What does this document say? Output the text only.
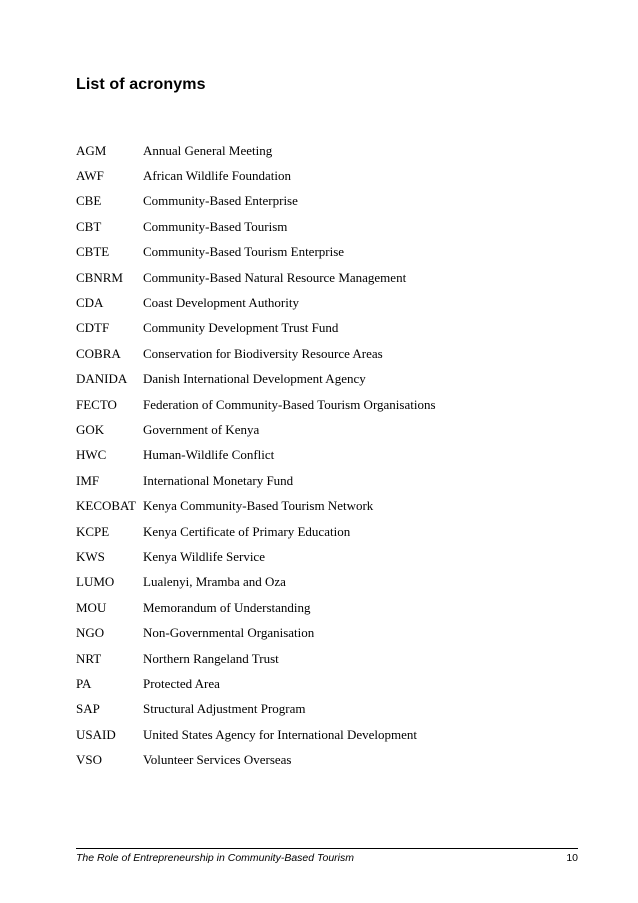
List of acronyms
AGM	Annual General Meeting
AWF	African Wildlife Foundation
CBE	Community-Based Enterprise
CBT	Community-Based Tourism
CBTE	Community-Based Tourism Enterprise
CBNRM	Community-Based Natural Resource Management
CDA	Coast Development Authority
CDTF	Community Development Trust Fund
COBRA	Conservation for Biodiversity Resource Areas
DANIDA	Danish International Development Agency
FECTO	Federation of Community-Based Tourism Organisations
GOK	Government of Kenya
HWC	Human-Wildlife Conflict
IMF	International Monetary Fund
KECOBAT Kenya Community-Based Tourism Network
KCPE	Kenya Certificate of Primary Education
KWS	Kenya Wildlife Service
LUMO	Lualenyi, Mramba and Oza
MOU	Memorandum of Understanding
NGO	Non-Governmental Organisation
NRT	Northern Rangeland Trust
PA	Protected Area
SAP	Structural Adjustment Program
USAID	United States Agency for International Development
VSO	Volunteer Services Overseas
The Role of Entrepreneurship in Community-Based Tourism	10
